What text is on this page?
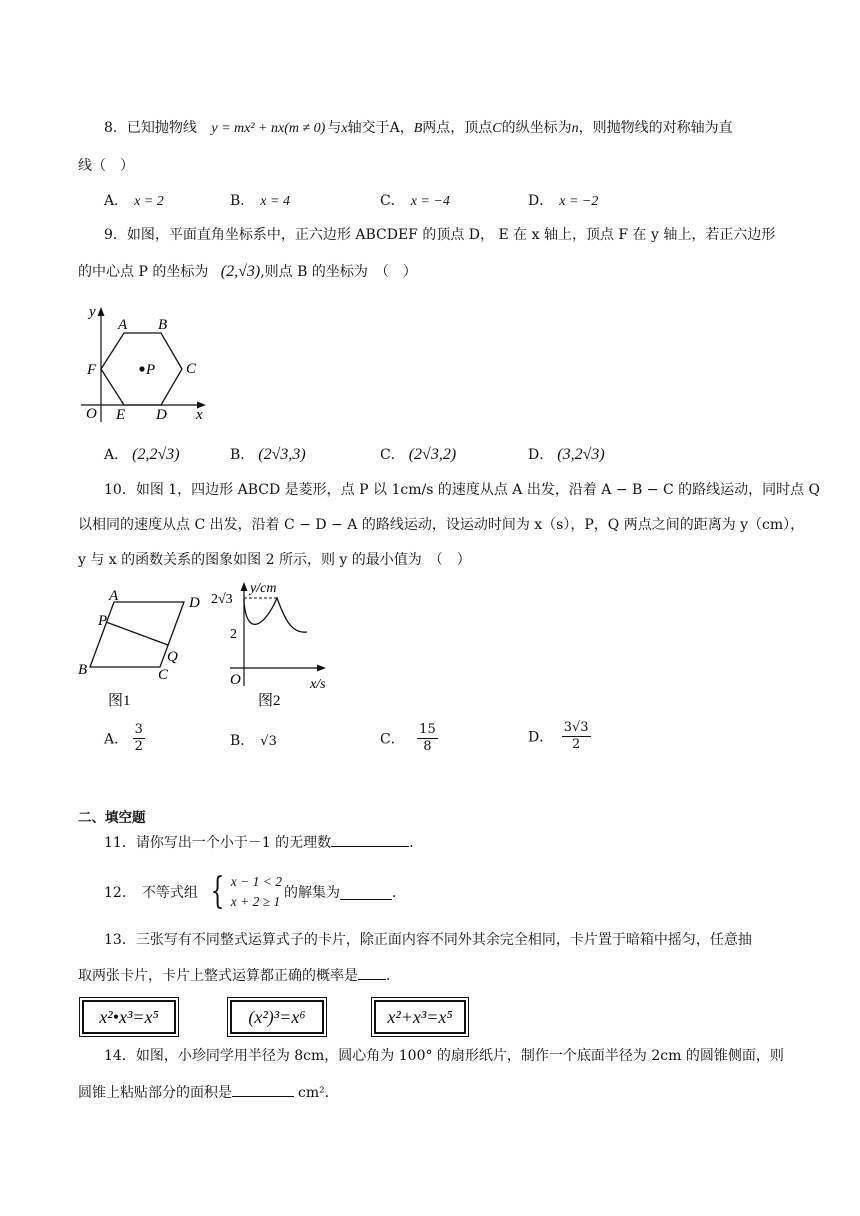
8．已知抛物线 y = mx² + nx(m ≠ 0) 与x轴交于A，B两点，顶点C的纵坐标为n，则抛物线的对称轴为直
线（　）
A． x = 2	B． x = 4	C． x = −4	D． x = −2
9．如图，平面直角坐标系中，正六边形 ABCDEF 的顶点 D， E 在 x 轴上，顶点 F 在 y 轴上，若正六边形
的中心点 P 的坐标为 (2,√3),则点 B 的坐标为　（　）
y
x
O
A B
C
D
E
F	P
A． (2,2√3)	B． (2√3,3)	C． (2√3,2)	D． (3,2√3)
10．如图 1，四边形 ABCD 是菱形，点 P 以 1cm/s 的速度从点 A 出发，沿着 A − B − C 的路线运动，同时点 Q
以相同的速度从点 C 出发，沿着 C − D − A 的路线运动，设运动时间为 x（s），P，Q 两点之间的距离为 y（cm），
y 与 x 的函数关系的图象如图 2 所示，则 y 的最小值为　（　）
A	D
P
Q
B	C
图1
y/cm
2√3
2
O	x/s
图2
A． $\frac{3}{2}$	B． √3	C． $\frac{15}{8}$	D． $\frac{3√3}{2}$
二、填空题
11．请你写出一个小于－1 的无理数	．
12． 不等式组 { x − 1 < 2
x + 2 ≥ 1
的解集为	．
13．三张写有不同整式运算式子的卡片，除正面内容不同外其余完全相同，卡片置于暗箱中摇匀，任意抽
取两张卡片，卡片上整式运算都正确的概率是 ．
x²•x³=x⁵	(x²)³=x⁶	x²+x³=x⁵
14．如图，小珍同学用半径为 8cm，圆心角为 100° 的扇形纸片，制作一个底面半径为 2cm 的圆锥侧面，则
圆锥上粘贴部分的面积是	cm²．
